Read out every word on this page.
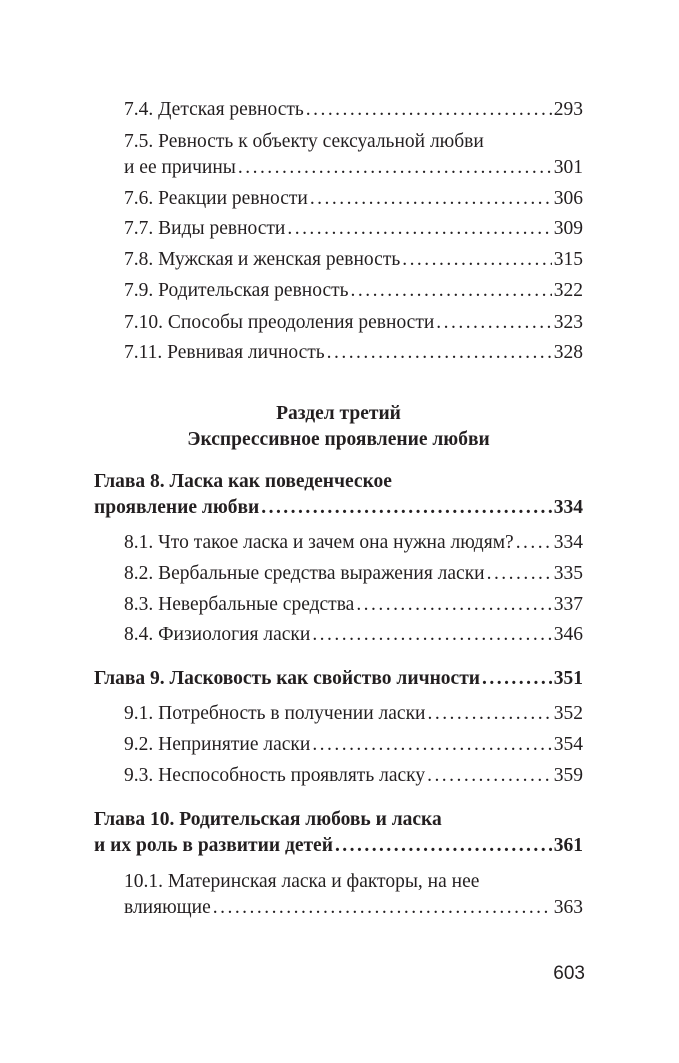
7.4. Детская ревность . . .	293
7.5. Ревность к объекту сексуальной любви
и ее причины . . .	301
7.6. Реакции ревности . . .	306
7.7. Виды ревности . . .	309
7.8. Мужская и женская ревность . . .	315
7.9. Родительская ревность . . .	322
7.10. Способы преодоления ревности . . .	323
7.11. Ревнивая личность . . .	328
Раздел третий
Экспрессивное проявление любви
Глава 8. Ласка как поведенческое
проявление любви . . .	334
8.1. Что такое ласка и зачем она нужна людям? . . . 334
8.2. Вербальные средства выражения ласки . . .	335
8.3. Невербальные средства . . .	337
8.4. Физиология ласки . . .	346
Глава 9. Ласковость как свойство личности . . .	351
9.1. Потребность в получении ласки . . .	352
9.2. Непринятие ласки . . .	354
9.3. Неспособность проявлять ласку . . .	359
Глава 10. Родительская любовь и ласка
и их роль в развитии детей . . .	361
10.1. Материнская ласка и факторы, на нее
влияющие . . .	363
603
